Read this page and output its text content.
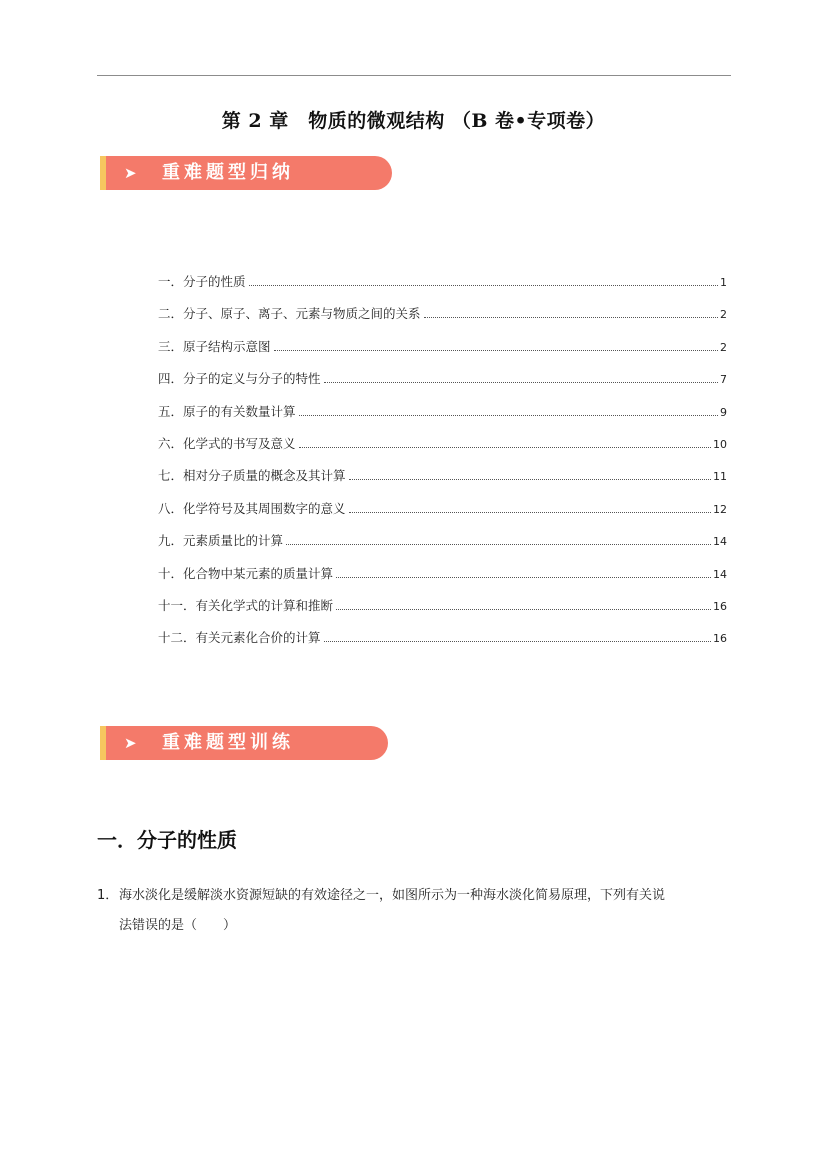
第 2 章　物质的微观结构 （B 卷•专项卷）
➤ 重难题型归纳
一．分子的性质	1
二．分子、原子、离子、元素与物质之间的关系	2
三．原子结构示意图	2
四．分子的定义与分子的特性	7
五．原子的有关数量计算	9
六．化学式的书写及意义	10
七．相对分子质量的概念及其计算	11
八．化学符号及其周围数字的意义	12
九．元素质量比的计算	14
十．化合物中某元素的质量计算	14
十一．有关化学式的计算和推断	16
十二．有关元素化合价的计算	16
➤ 重难题型训练
一．分子的性质
1．海水淡化是缓解淡水资源短缺的有效途径之一，如图所示为一种海水淡化简易原理，下列有关说
法错误的是（　　）
